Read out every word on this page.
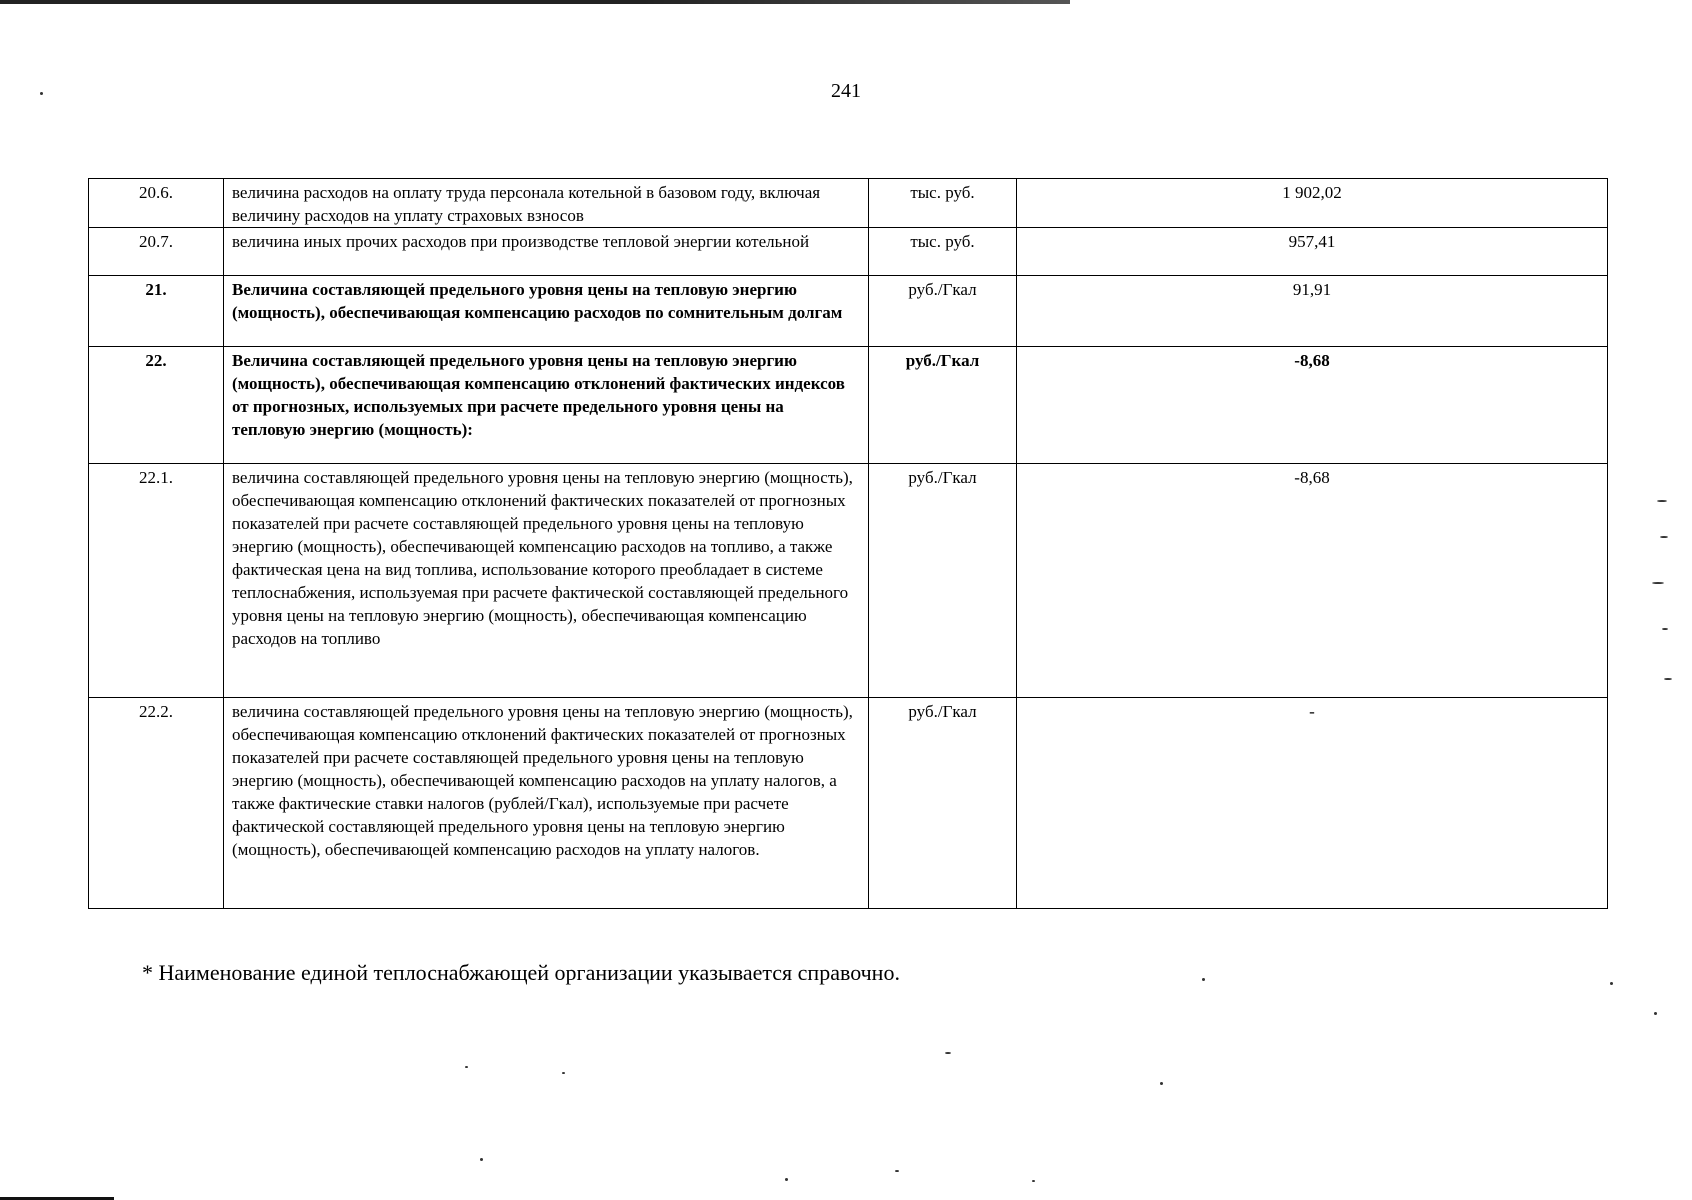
241
20.6.	величина расходов на оплату труда персонала котельной в базовом году, включая величину расходов на уплату страховых взносов	тыс. руб.	1 902,02
20.7.	величина иных прочих расходов при производстве тепловой энергии котельной	тыс. руб.	957,41
21.	Величина составляющей предельного уровня цены на тепловую энергию (мощность), обеспечивающая компенсацию расходов по сомнительным долгам	руб./Гкал	91,91
22.	Величина составляющей предельного уровня цены на тепловую энергию (мощность), обеспечивающая компенсацию отклонений фактических индексов от прогнозных, используемых при расчете предельного уровня цены на тепловую энергию (мощность):	руб./Гкал	-8,68
22.1.	величина составляющей предельного уровня цены на тепловую энергию (мощность), обеспечивающая компенсацию отклонений фактических показателей от прогнозных показателей при расчете составляющей предельного уровня цены на тепловую энергию (мощность), обеспечивающей компенсацию расходов на топливо, а также фактическая цена на вид топлива, использование которого преобладает в системе теплоснабжения, используемая при расчете фактической составляющей предельного уровня цены на тепловую энергию (мощность), обеспечивающая компенсацию расходов на топливо	руб./Гкал	-8,68
22.2.	величина составляющей предельного уровня цены на тепловую энергию (мощность), обеспечивающая компенсацию отклонений фактических показателей от прогнозных показателей при расчете составляющей предельного уровня цены на тепловую энергию (мощность), обеспечивающей компенсацию расходов на уплату налогов, а также фактические ставки налогов (рублей/Гкал), используемые при расчете фактической составляющей предельного уровня цены на тепловую энергию (мощность), обеспечивающей компенсацию расходов на уплату налогов.	руб./Гкал	-
* Наименование единой теплоснабжающей организации указывается справочно.
